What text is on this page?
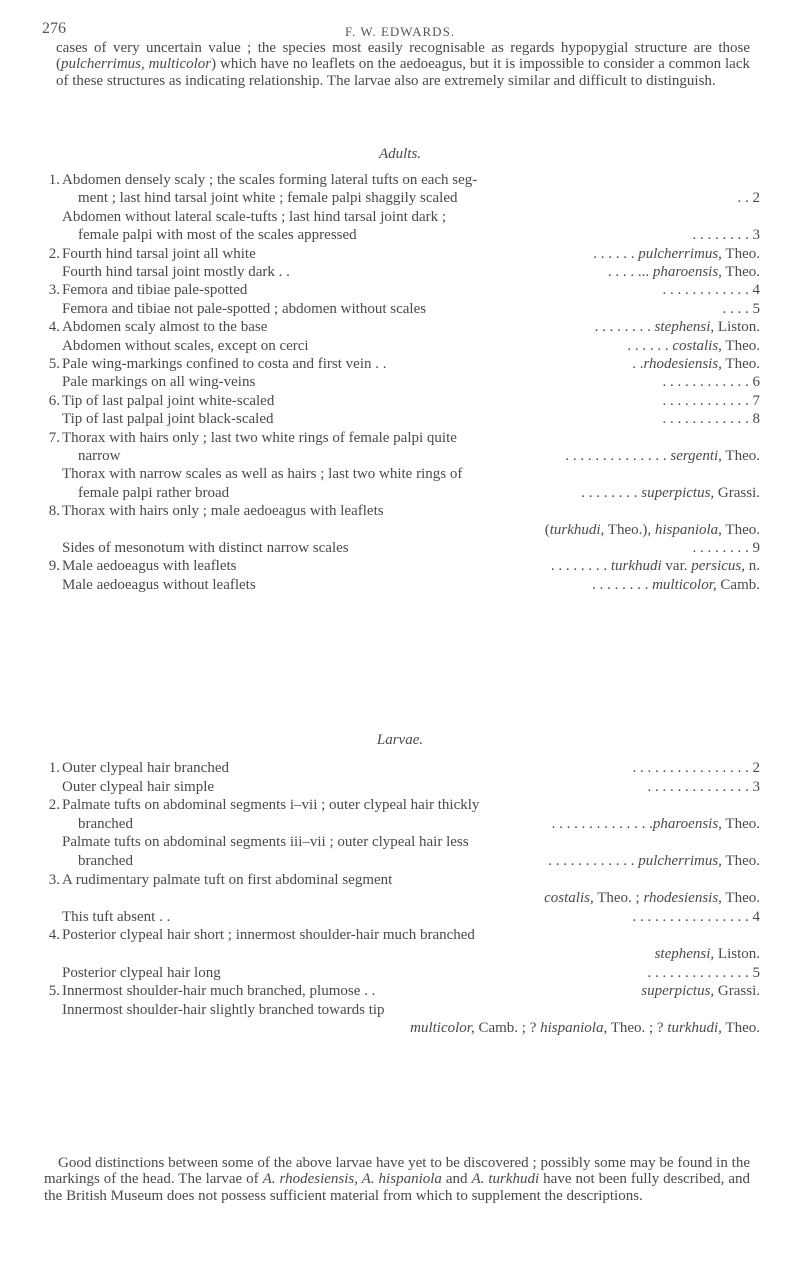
276	F. W. EDWARDS.
cases of very uncertain value ; the species most easily recognisable as regards hypopygial structure are those (pulcherrimus, multicolor) which have no leaflets on the aedoeagus, but it is impossible to consider a common lack of these structures as indicating relationship. The larvae also are extremely similar and difficult to distinguish.
Adults.
1. Abdomen densely scaly ; the scales forming lateral tufts on each seg-
ment ; last hind tarsal joint white ; female palpi shaggily scaled	. . 2
Abdomen without lateral scale-tufts ; last hind tarsal joint dark ;
female palpi with most of the scales appressed	. . . . . . . . 3
2. Fourth hind tarsal joint all white	. . . . . . pulcherrimus, Theo.
Fourth hind tarsal joint mostly dark . .	. . . . ... pharoensis, Theo.
3. Femora and tibiae pale-spotted	. . . . . . . . . . . . 4
Femora and tibiae not pale-spotted ; abdomen without scales	. . . . 5
4. Abdomen scaly almost to the base	. . . . . . . . stephensi, Liston.
Abdomen without scales, except on cerci	. . . . . . costalis, Theo.
5. Pale wing-markings confined to costa and first vein . .	. .rhodesiensis, Theo.
Pale markings on all wing-veins	. . . . . . . . . . . . 6
6. Tip of last palpal joint white-scaled	. . . . . . . . . . . . 7
Tip of last palpal joint black-scaled	. . . . . . . . . . . . 8
7. Thorax with hairs only ; last two white rings of female palpi quite
narrow	. . . . . . . . . . . . . . sergenti, Theo.
Thorax with narrow scales as well as hairs ; last two white rings of
female palpi rather broad	. . . . . . . . superpictus, Grassi.
8. Thorax with hairs only ; male aedoeagus with leaflets
(turkhudi, Theo.), hispaniola, Theo.
Sides of mesonotum with distinct narrow scales	. . . . . . . . 9
9. Male aedoeagus with leaflets	. . . . . . . . turkhudi var. persicus, n.
Male aedoeagus without leaflets	. . . . . . . . multicolor, Camb.
Larvae.
1. Outer clypeal hair branched	. . . . . . . . . . . . . . . . 2
Outer clypeal hair simple	. . . . . . . . . . . . . . 3
2. Palmate tufts on abdominal segments i–vii ; outer clypeal hair thickly
branched	. . . . . . . . . . . . . .pharoensis, Theo.
Palmate tufts on abdominal segments iii–vii ; outer clypeal hair less
branched	. . . . . . . . . . . . pulcherrimus, Theo.
3. A rudimentary palmate tuft on first abdominal segment
costalis, Theo. ; rhodesiensis, Theo.
This tuft absent . .	. . . . . . . . . . . . . . . . 4
4. Posterior clypeal hair short ; innermost shoulder-hair much branched
stephensi, Liston.
Posterior clypeal hair long	. . . . . . . . . . . . . . 5
5. Innermost shoulder-hair much branched, plumose . .	superpictus, Grassi.
Innermost shoulder-hair slightly branched towards tip
multicolor, Camb. ; ? hispaniola, Theo. ; ? turkhudi, Theo.
Good distinctions between some of the above larvae have yet to be discovered ; possibly some may be found in the markings of the head. The larvae of A. rhodesiensis, A. hispaniola and A. turkhudi have not been fully described, and the British Museum does not possess sufficient material from which to supplement the descriptions.
